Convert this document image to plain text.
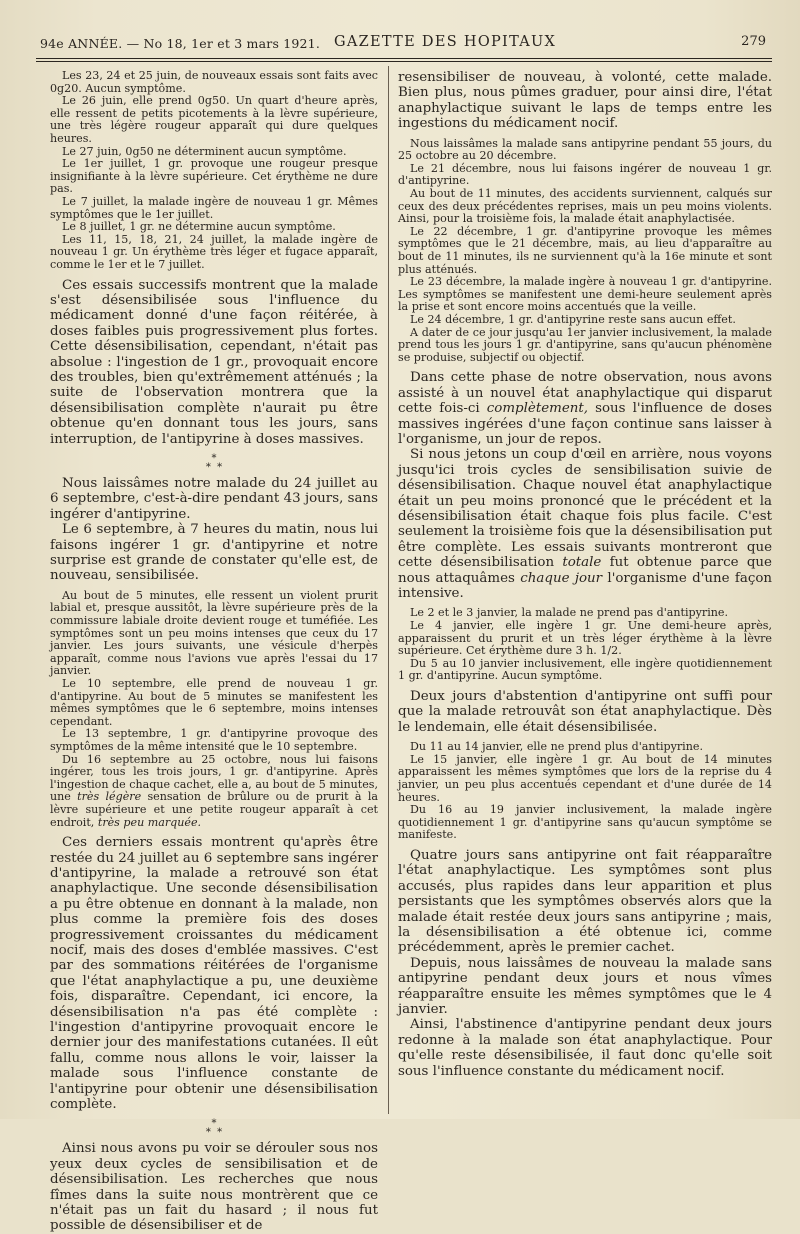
94e ANNÉE. — No 18, 1er et 3 mars 1921. GAZETTE DES HOPITAUX	279

Les 23, 24 et 25 juin, de nouveaux essais sont faits avec 0g20. Aucun symptôme.

Le 26 juin, elle prend 0g50. Un quart d'heure après, elle ressent de petits picotements à la lèvre supérieure, une très légère rougeur apparaît qui dure quelques heures.

Le 27 juin, 0g50 ne déterminent aucun symptôme.

Le 1er juillet, 1 gr. provoque une rougeur presque insignifiante à la lèvre supérieure. Cet érythème ne dure pas.

Le 7 juillet, la malade ingère de nouveau 1 gr. Mêmes symptômes que le 1er juillet.

Le 8 juillet, 1 gr. ne détermine aucun symptôme.

Les 11, 15, 18, 21, 24 juillet, la malade ingère de nouveau 1 gr. Un érythème très léger et fugace apparaît, comme le 1er et le 7 juillet.

Ces essais successifs montrent que la malade s'est désensibilisée sous l'influence du médicament donné d'une façon réitérée, à doses faibles puis progressivement plus fortes. Cette désensibilisation, cependant, n'était pas absolue : l'ingestion de 1 gr., provoquait encore des troubles, bien qu'extrêmement atténués ; la suite de l'observation montrera que la désensibilisation complète n'aurait pu être obtenue qu'en donnant tous les jours, sans interruption, de l'antipyrine à doses massives.

*
*  *

Nous laissâmes notre malade du 24 juillet au 6 septembre, c'est-à-dire pendant 43 jours, sans ingérer d'antipyrine.

Le 6 septembre, à 7 heures du matin, nous lui faisons ingérer 1 gr. d'antipyrine et notre surprise est grande de constater qu'elle est, de nouveau, sensibilisée.

Au bout de 5 minutes, elle ressent un violent prurit labial et, presque aussitôt, la lèvre supérieure près de la commissure labiale droite devient rouge et tuméfiée. Les symptômes sont un peu moins intenses que ceux du 17 janvier. Les jours suivants, une vésicule d'herpès apparaît, comme nous l'avions vue après l'essai du 17 janvier.

Le 10 septembre, elle prend de nouveau 1 gr. d'antipyrine. Au bout de 5 minutes se manifestent les mêmes symptômes que le 6 septembre, moins intenses cependant.

Le 13 septembre, 1 gr. d'antipyrine provoque des symptômes de la même intensité que le 10 septembre.

Du 16 septembre au 25 octobre, nous lui faisons ingérer, tous les trois jours, 1 gr. d'antipyrine. Après l'ingestion de chaque cachet, elle a, au bout de 5 minutes, une très légère sensation de brûlure ou de prurit à la lèvre supérieure et une petite rougeur apparaît à cet endroit, très peu marquée.

Ces derniers essais montrent qu'après être restée du 24 juillet au 6 septembre sans ingérer d'antipyrine, la malade a retrouvé son état anaphylactique. Une seconde désensibilisation a pu être obtenue en donnant à la malade, non plus comme la première fois des doses progressivement croissantes du médicament nocif, mais des doses d'emblée massives. C'est par des sommations réitérées de l'organisme que l'état anaphylactique a pu, une deuxième fois, disparaître. Cependant, ici encore, la désensibilisation n'a pas été complète : l'ingestion d'antipyrine provoquait encore le dernier jour des manifestations cutanées. Il eût fallu, comme nous allons le voir, laisser la malade sous l'influence constante de l'antipyrine pour obtenir une désensibilisation complète.

*
*  *

Ainsi nous avons pu voir se dérouler sous nos yeux deux cycles de sensibilisation et de désensibilisation. Les recherches que nous fîmes dans la suite nous montrèrent que ce n'était pas un fait du hasard ; il nous fut possible de désensibiliser et de

resensibiliser de nouveau, à volonté, cette malade. Bien plus, nous pûmes graduer, pour ainsi dire, l'état anaphylactique suivant le laps de temps entre les ingestions du médicament nocif.

Nous laissâmes la malade sans antipyrine pendant 55 jours, du 25 octobre au 20 décembre.

Le 21 décembre, nous lui faisons ingérer de nouveau 1 gr. d'antipyrine.

Au bout de 11 minutes, des accidents surviennent, calqués sur ceux des deux précédentes reprises, mais un peu moins violents. Ainsi, pour la troisième fois, la malade était anaphylactisée.

Le 22 décembre, 1 gr. d'antipyrine provoque les mêmes symptômes que le 21 décembre, mais, au lieu d'apparaître au bout de 11 minutes, ils ne surviennent qu'à la 16e minute et sont plus atténués.

Le 23 décembre, la malade ingère à nouveau 1 gr. d'antipyrine. Les symptômes se manifestent une demi-heure seulement après la prise et sont encore moins accentués que la veille.

Le 24 décembre, 1 gr. d'antipyrine reste sans aucun effet.

A dater de ce jour jusqu'au 1er janvier inclusivement, la malade prend tous les jours 1 gr. d'antipyrine, sans qu'aucun phénomène se produise, subjectif ou objectif.

Dans cette phase de notre observation, nous avons assisté à un nouvel état anaphylactique qui disparut cette fois-ci complètement, sous l'influence de doses massives ingérées d'une façon continue sans laisser à l'organisme, un jour de repos.

Si nous jetons un coup d'œil en arrière, nous voyons jusqu'ici trois cycles de sensibilisation suivie de désensibilisation. Chaque nouvel état anaphylactique était un peu moins prononcé que le précédent et la désensibilisation était chaque fois plus facile. C'est seulement la troisième fois que la désensibilisation put être complète. Les essais suivants montreront que cette désensibilisation totale fut obtenue parce que nous attaquâmes chaque jour l'organisme d'une façon intensive.

Le 2 et le 3 janvier, la malade ne prend pas d'antipyrine.

Le 4 janvier, elle ingère 1 gr. Une demi-heure après, apparaissent du prurit et un très léger érythème à la lèvre supérieure. Cet érythème dure 3 h. 1/2.

Du 5 au 10 janvier inclusivement, elle ingère quotidiennement 1 gr. d'antipyrine. Aucun symptôme.

Deux jours d'abstention d'antipyrine ont suffi pour que la malade retrouvât son état anaphylactique. Dès le lendemain, elle était désensibilisée.

Du 11 au 14 janvier, elle ne prend plus d'antipyrine.

Le 15 janvier, elle ingère 1 gr. Au bout de 14 minutes apparaissent les mêmes symptômes que lors de la reprise du 4 janvier, un peu plus accentués cependant et d'une durée de 14 heures.

Du 16 au 19 janvier inclusivement, la malade ingère quotidiennement 1 gr. d'antipyrine sans qu'aucun symptôme se manifeste.

Quatre jours sans antipyrine ont fait réapparaître l'état anaphylactique. Les symptômes sont plus accusés, plus rapides dans leur apparition et plus persistants que les symptômes observés alors que la malade était restée deux jours sans antipyrine ; mais, la désensibilisation a été obtenue ici, comme précédemment, après le premier cachet.

Depuis, nous laissâmes de nouveau la malade sans antipyrine pendant deux jours et nous vîmes réapparaître ensuite les mêmes symptômes que le 4 janvier.

Ainsi, l'abstinence d'antipyrine pendant deux jours redonne à la malade son état anaphylactique. Pour qu'elle reste désensibilisée, il faut donc qu'elle soit sous l'influence constante du médicament nocif.
